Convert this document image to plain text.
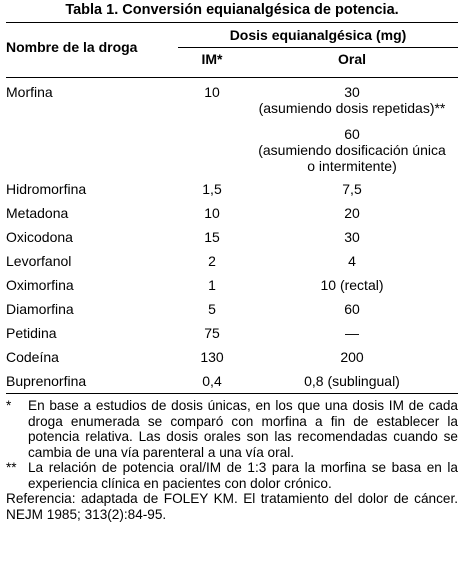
Tabla 1. Conversión equianalgésica de potencia.
Nombre de la droga
Dosis equianalgésica (mg)
IM*	Oral
Morfina	10	30
(asumiendo dosis repetidas)**
60
(asumiendo dosificación única
o intermitente)
Hidromorfina	1,5	7,5
Metadona	10	20
Oxicodona	15	30
Levorfanol	2	4
Oximorfina	1	10 (rectal)
Diamorfina	5	60
Petidina	75	—
Codeína	130	200
Buprenorfina	0,4	0,8 (sublingual)
*	En base a estudios de dosis únicas, en los que una dosis IM de cada droga enumerada se comparó con morfina a fin de establecer la potencia relativa. Las dosis orales son las recomendadas cuando se cambia de una vía parenteral a una vía oral.
** La relación de potencia oral/IM de 1:3 para la morfina se basa en la experiencia clínica en pacientes con dolor crónico.
Referencia: adaptada de FOLEY KM. El tratamiento del dolor de cáncer. NEJM 1985; 313(2):84-95.
